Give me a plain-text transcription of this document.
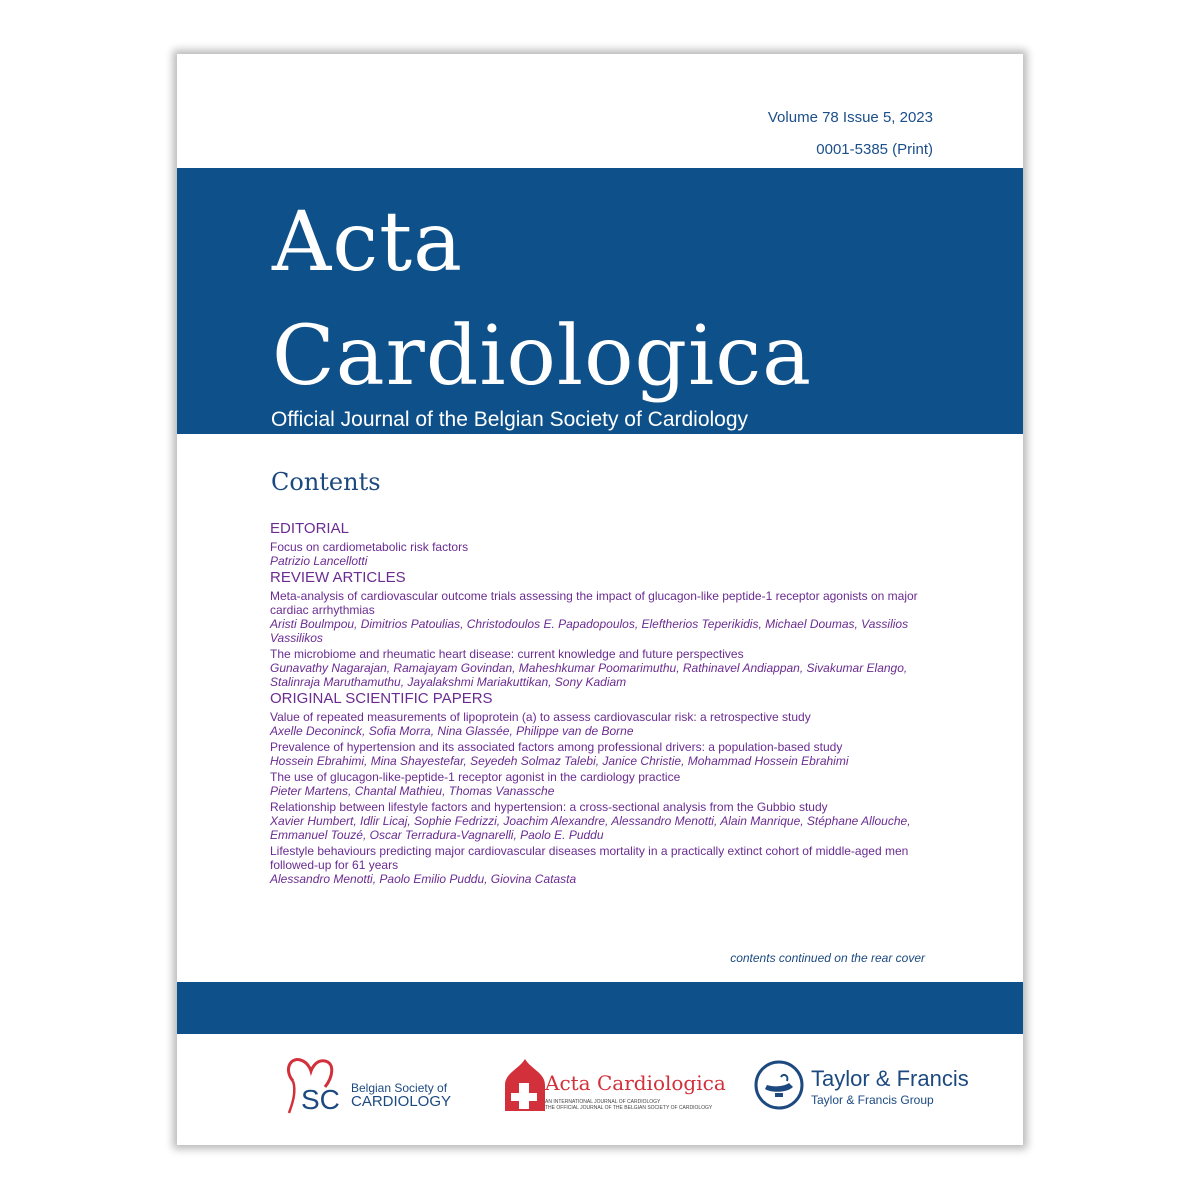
Volume 78 Issue 5, 2023
0001-5385 (Print)
Acta
Cardiologica
Official Journal of the Belgian Society of Cardiology
Contents
EDITORIAL
Focus on cardiometabolic risk factors
Patrizio Lancellotti
REVIEW ARTICLES
Meta-analysis of cardiovascular outcome trials assessing the impact of glucagon-like peptide-1 receptor agonists on major cardiac arrhythmias
Aristi Boulmpou, Dimitrios Patoulias, Christodoulos E. Papadopoulos, Eleftherios Teperikidis, Michael Doumas, Vassilios Vassilikos
The microbiome and rheumatic heart disease: current knowledge and future perspectives
Gunavathy Nagarajan, Ramajayam Govindan, Maheshkumar Poomarimuthu, Rathinavel Andiappan, Sivakumar Elango, Stalinraja Maruthamuthu, Jayalakshmi Mariakuttikan, Sony Kadiam
ORIGINAL SCIENTIFIC PAPERS
Value of repeated measurements of lipoprotein (a) to assess cardiovascular risk: a retrospective study
Axelle Deconinck, Sofia Morra, Nina Glassée, Philippe van de Borne
Prevalence of hypertension and its associated factors among professional drivers: a population-based study
Hossein Ebrahimi, Mina Shayestefar, Seyedeh Solmaz Talebi, Janice Christie, Mohammad Hossein Ebrahimi
The use of glucagon-like-peptide-1 receptor agonist in the cardiology practice
Pieter Martens, Chantal Mathieu, Thomas Vanassche
Relationship between lifestyle factors and hypertension: a cross-sectional analysis from the Gubbio study
Xavier Humbert, Idlir Licaj, Sophie Fedrizzi, Joachim Alexandre, Alessandro Menotti, Alain Manrique, Stéphane Allouche, Emmanuel Touzé, Oscar Terradura-Vagnarelli, Paolo E. Puddu
Lifestyle behaviours predicting major cardiovascular diseases mortality in a practically extinct cohort of middle-aged men followed-up for 61 years
Alessandro Menotti, Paolo Emilio Puddu, Giovina Catasta
contents continued on the rear cover
SC Belgian Society of
CARDIOLOGY
Acta Cardiologica
AN INTERNATIONAL JOURNAL OF CARDIOLOGY
THE OFFICIAL JOURNAL OF THE BELGIAN SOCIETY OF CARDIOLOGY
Taylor & Francis
Taylor & Francis Group
